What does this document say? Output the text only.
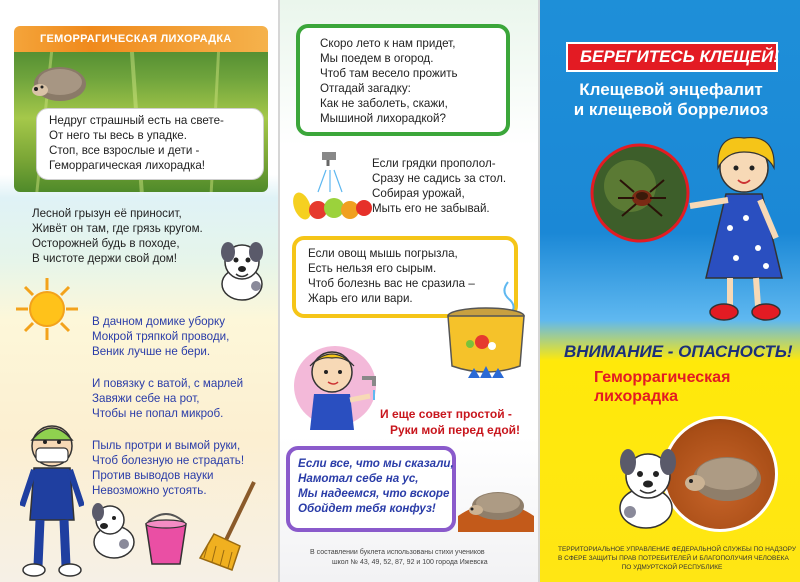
ГЕМОРРАГИЧЕСКАЯ ЛИХОРАДКА
Недруг страшный есть на свете-
От него ты весь в упадке.
Стоп, все взрослые и дети -
Геморрагическая лихорадка!
Лесной грызун её приносит,
Живёт он там, где грязь кругом.
Осторожней будь в походе,
В чистоте держи свой дом!
В дачном домике уборку
Мокрой тряпкой проводи,
Веник лучше не бери.
И повязку с ватой, с марлей
Завяжи себе на рот,
Чтобы не попал микроб.
Пыль протри и вымой руки,
Чтоб болезную не страдать!
Против выводов науки
Невозможно устоять.
Скоро лето к нам придет,
Мы поедем в огород.
Чтоб там весело прожить
Отгадай загадку:
Как не заболеть, скажи,
Мышиной лихорадкой?
Если грядки прополол-
Сразу не садись за стол.
Собирая урожай,
Мыть его не забывай.
Если овощ мышь погрызла,
Есть нельзя его сырым.
Чтоб болезнь вас не сразила –
Жарь его или вари.
И еще совет простой -
Руки мой перед едой!
Если все, что мы сказали,
Намотал себе на ус,
Мы надеемся, что вскоре
Обойдет тебя конфуз!
В составлении буклета использованы стихи учеников
школ № 43, 49, 52, 87, 92 и 100 города Ижевска
БЕРЕГИТЕСЬ КЛЕЩЕЙ!
Клещевой энцефалит
и клещевой боррелиоз
ВНИМАНИЕ - ОПАСНОСТЬ!
Геморрагическая
лихорадка
ТЕРРИТОРИАЛЬНОЕ УПРАВЛЕНИЕ ФЕДЕРАЛЬНОЙ СЛУЖБЫ ПО НАДЗОРУ
В СФЕРЕ ЗАЩИТЫ ПРАВ ПОТРЕБИТЕЛЕЙ И БЛАГОПОЛУЧИЯ ЧЕЛОВЕКА
ПО УДМУРТСКОЙ РЕСПУБЛИКЕ
